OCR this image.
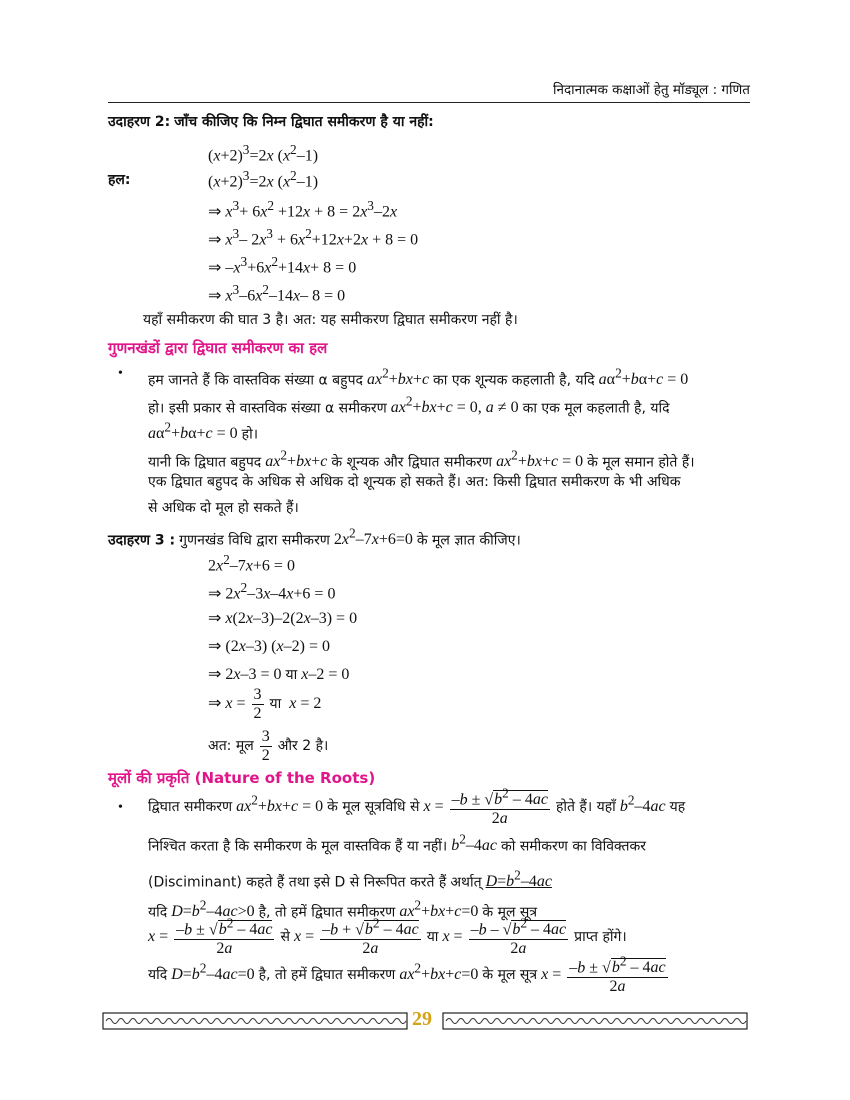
निदानात्मक कक्षाओं हेतु मॉड्यूल : गणित
उदाहरण 2: जाँच कीजिए कि निम्न द्विघात समीकरण है या नहीं:
$(x+2)^3=2x$ $(x^2-1)$
हल:	$(x+2)^3=2x$ $(x^2-1)$
⇒ $x^3+ 6x^2 +12x + 8 = 2x^3-2x$
⇒ $x^3-$ $2x^3 + 6x^2+12x+2x + 8 = 0$
⇒ $-x^3+6x^2+14x+ 8 = 0$
⇒ $x^3-6x^2-14x-$ 8 = 0
यहाँ समीकरण की घात 3 है। अत: यह समीकरण द्विघात समीकरण नहीं है।
गुणनखंडों द्वारा द्विघात समीकरण का हल
• हम जानते हैं कि वास्तविक संख्या α बहुपद $ax^2+bx+c$ का एक शून्यक कहलाती है, यदि $a\alpha^2+b\alpha+c = 0$
हो। इसी प्रकार से वास्तविक संख्या α समीकरण $ax^2+bx+c = 0$, a ≠ 0 का एक मूल कहलाती है, यदि
$a\alpha^2+b\alpha+c = 0$ हो।
यानी कि द्विघात बहुपद $ax^2+bx+c$ के शून्यक और द्विघात समीकरण $ax^2+bx+c = 0$ के मूल समान होते हैं।
एक द्विघात बहुपद के अधिक से अधिक दो शून्यक हो सकते हैं। अत: किसी द्विघात समीकरण के भी अधिक
से अधिक दो मूल हो सकते हैं।
उदाहरण 3 : गुणनखंड विधि द्वारा समीकरण $2x^2-7x+6=0$ के मूल ज्ञात कीजिए।
$2x^2-7x+6 = 0$
⇒ $2x^2-3x-4x+6 = 0$
⇒ x(2x–3)–2(2x–3) = 0
⇒ (2x–3) (x–2) = 0
⇒ 2x–3 = 0 या x–2 = 0
⇒ $x = \frac{3}{2}$ या x = 2
अत: मूल $\frac{3}{2}$ और 2 है।
मूलों की प्रकृति (Nature of the Roots)
• द्विघात समीकरण $ax^2+bx+c = 0$ के मूल सूत्रविधि से $x = \frac{-b \pm √b^2 - 4ac}{2a}$ होते हैं। यहाँ $b^2-4ac$ यह
निश्चित करता है कि समीकरण के मूल वास्तविक हैं या नहीं। $b^2-4ac$ को समीकरण का विविक्तकर
(Disciminant) कहते हैं तथा इसे D से निरूपित करते हैं अर्थात् $D=b^2-4ac$
यदि $D=b^2-4ac>0$ है, तो हमें द्विघात समीकरण $ax^2+bx+c=0$ के मूल सूत्र
$x = \frac{-b \pm √b^2 - 4ac}{2a}$ से $x = \frac{-b + √b^2 - 4ac}{2a}$ या $x = \frac{-b - √b^2 - 4ac}{2a}$ प्राप्त होंगे।
यदि $D=b^2-4ac=0$ है, तो हमें द्विघात समीकरण $ax^2+bx+c=0$ के मूल सूत्र $x = \frac{-b \pm √b^2 - 4ac}{2a}$
29
